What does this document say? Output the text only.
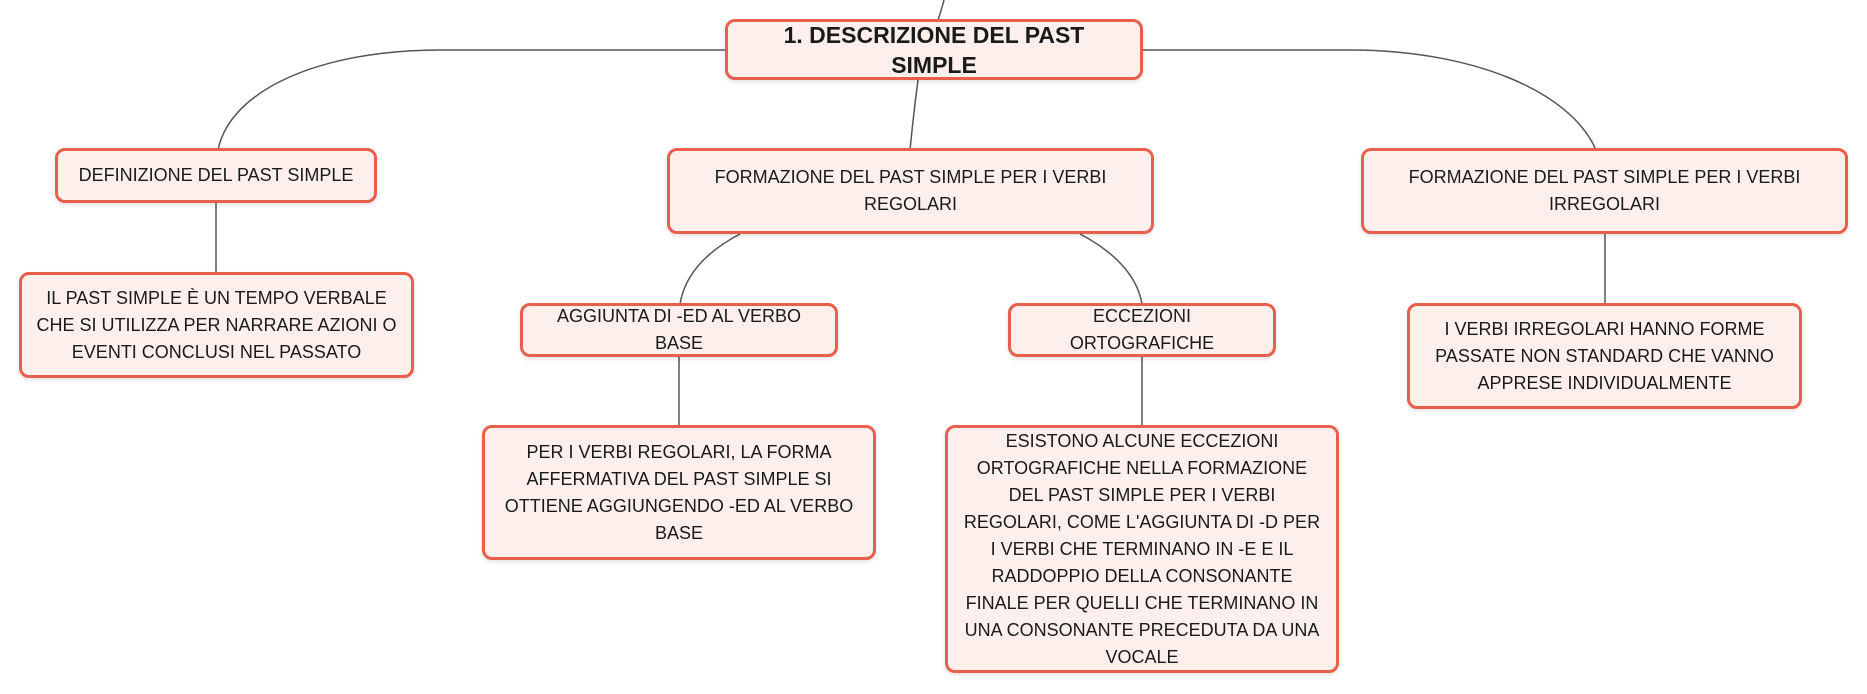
1. DESCRIZIONE DEL PAST SIMPLE
DEFINIZIONE DEL PAST SIMPLE
IL PAST SIMPLE È UN TEMPO VERBALE CHE SI UTILIZZA PER NARRARE AZIONI O EVENTI CONCLUSI NEL PASSATO
FORMAZIONE DEL PAST SIMPLE PER I VERBI REGOLARI
AGGIUNTA DI -ED AL VERBO BASE
PER I VERBI REGOLARI, LA FORMA AFFERMATIVA DEL PAST SIMPLE SI OTTIENE AGGIUNGENDO -ED AL VERBO BASE
ECCEZIONI ORTOGRAFICHE
ESISTONO ALCUNE ECCEZIONI ORTOGRAFICHE NELLA FORMAZIONE DEL PAST SIMPLE PER I VERBI REGOLARI, COME L'AGGIUNTA DI -D PER I VERBI CHE TERMINANO IN -E E IL RADDOPPIO DELLA CONSONANTE FINALE PER QUELLI CHE TERMINANO IN UNA CONSONANTE PRECEDUTA DA UNA VOCALE
FORMAZIONE DEL PAST SIMPLE PER I VERBI IRREGOLARI
I VERBI IRREGOLARI HANNO FORME PASSATE NON STANDARD CHE VANNO APPRESE INDIVIDUALMENTE
